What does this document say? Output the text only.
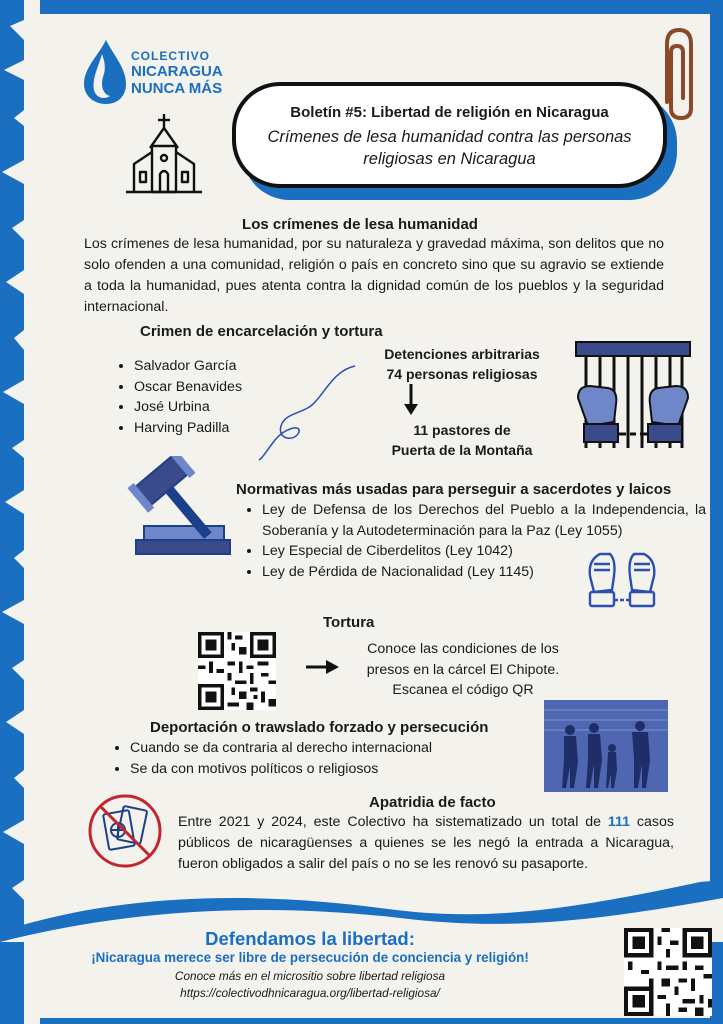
COLECTIVO
NICARAGUA
NUNCA MÁS
Boletín #5: Libertad de religión en Nicaragua
Crímenes de lesa humanidad contra las personas religiosas en Nicaragua
Los crímenes de lesa humanidad
Los crímenes de lesa humanidad, por su naturaleza y gravedad máxima, son delitos que no solo ofenden a una comunidad, religión o país en concreto sino que su agravio se extiende a toda la humanidad, pues atenta contra la dignidad común de los pueblos y la seguridad internacional.
Crimen de encarcelación y tortura
• Salvador García
• Oscar Benavides
• José Urbina
• Harving Padilla
Detenciones arbitrarias
74 personas religiosas
11 pastores de
Puerta de la Montaña
Normativas más usadas para perseguir a sacerdotes y laicos
• Ley de Defensa de los Derechos del Pueblo a la Independencia, la Soberanía y la Autodeterminación para la Paz (Ley 1055)
• Ley Especial de Ciberdelitos (Ley 1042)
• Ley de Pérdida de Nacionalidad (Ley 1145)
Tortura
Conoce las condiciones de los presos en la cárcel El Chipote. Escanea el código QR
Deportación o trawslado forzado y persecución
• Cuando se da contraria al derecho internacional
• Se da con motivos políticos o religiosos
Apatridia de facto
Entre 2021 y 2024, este Colectivo ha sistematizado un total de 111 casos públicos de nicaragüenses a quienes se les negó la entrada a Nicaragua, fueron obligados a salir del país o no se les renovó su pasaporte.
Defendamos la libertad:
¡Nicaragua merece ser libre de persecución de conciencia y religión!
Conoce más en el micrositio sobre libertad religiosa
https://colectivodhnicaragua.org/libertad-religiosa/
